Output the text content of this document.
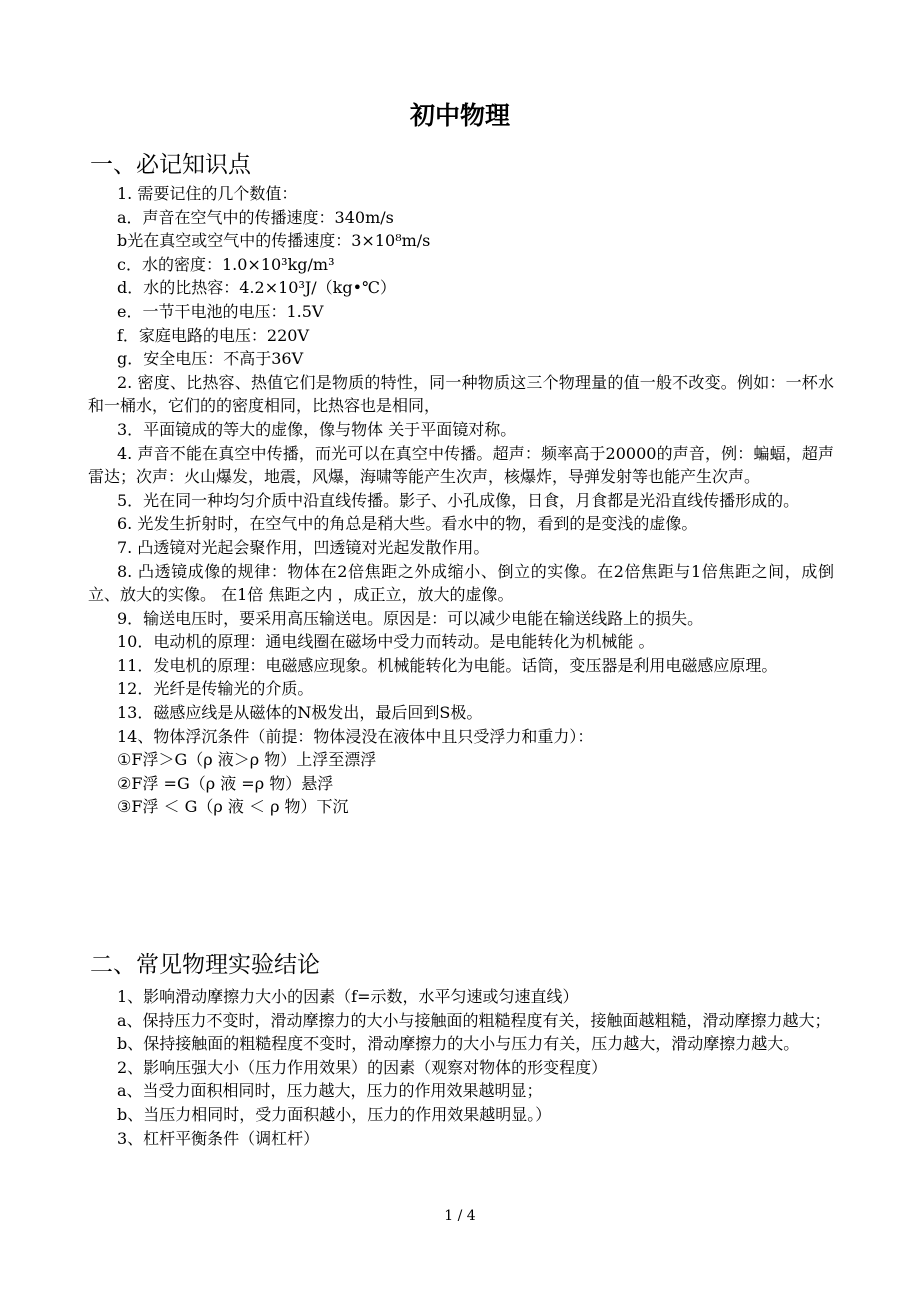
初中物理
一、必记知识点
1. 需要记住的几个数值：
a．声音在空气中的传播速度：340m/s
b光在真空或空气中的传播速度：3×10⁸m/s
c．水的密度：1.0×10³kg/m³
d．水的比热容：4.2×10³J/（kg•℃）
e．一节干电池的电压：1.5V
f．家庭电路的电压：220V
g．安全电压：不高于36V
2. 密度、比热容、热值它们是物质的特性，同一种物质这三个物理量的值一般不改变。例如：一杯水和一桶水，它们的的密度相同，比热容也是相同，
3．平面镜成的等大的虚像，像与物体 关于平面镜对称。
4. 声音不能在真空中传播，而光可以在真空中传播。超声：频率高于20000的声音，例：蝙蝠，超声雷达；次声：火山爆发，地震，风爆，海啸等能产生次声，核爆炸，导弹发射等也能产生次声。
5．光在同一种均匀介质中沿直线传播。影子、小孔成像，日食，月食都是光沿直线传播形成的。
6. 光发生折射时，在空气中的角总是稍大些。看水中的物，看到的是变浅的虚像。
7. 凸透镜对光起会聚作用，凹透镜对光起发散作用。
8. 凸透镜成像的规律：物体在2倍焦距之外成缩小、倒立的实像。在2倍焦距与1倍焦距之间，成倒立、放大的实像。 在1倍 焦距之内 ，成正立，放大的虚像。
9．输送电压时，要采用高压输送电。原因是：可以减少电能在输送线路上的损失。
10．电动机的原理：通电线圈在磁场中受力而转动。是电能转化为机械能 。
11．发电机的原理：电磁感应现象。机械能转化为电能。话筒，变压器是利用电磁感应原理。
12．光纤是传输光的介质。
13．磁感应线是从磁体的N极发出，最后回到S极。
14、物体浮沉条件（前提：物体浸没在液体中且只受浮力和重力）：
①F浮＞G（ρ 液＞ρ 物）上浮至漂浮
②F浮 =G（ρ 液 =ρ 物）悬浮
③F浮 ＜ G（ρ 液 ＜ ρ 物）下沉
二、常见物理实验结论
1、影响滑动摩擦力大小的因素（f=示数，水平匀速或匀速直线）
a、保持压力不变时，滑动摩擦力的大小与接触面的粗糙程度有关，接触面越粗糙，滑动摩擦力越大；
b、保持接触面的粗糙程度不变时，滑动摩擦力的大小与压力有关，压力越大，滑动摩擦力越大。
2、影响压强大小（压力作用效果）的因素（观察对物体的形变程度）
a、当受力面积相同时，压力越大，压力的作用效果越明显；
b、当压力相同时，受力面积越小，压力的作用效果越明显。）
3、杠杆平衡条件（调杠杆）
1 / 4
